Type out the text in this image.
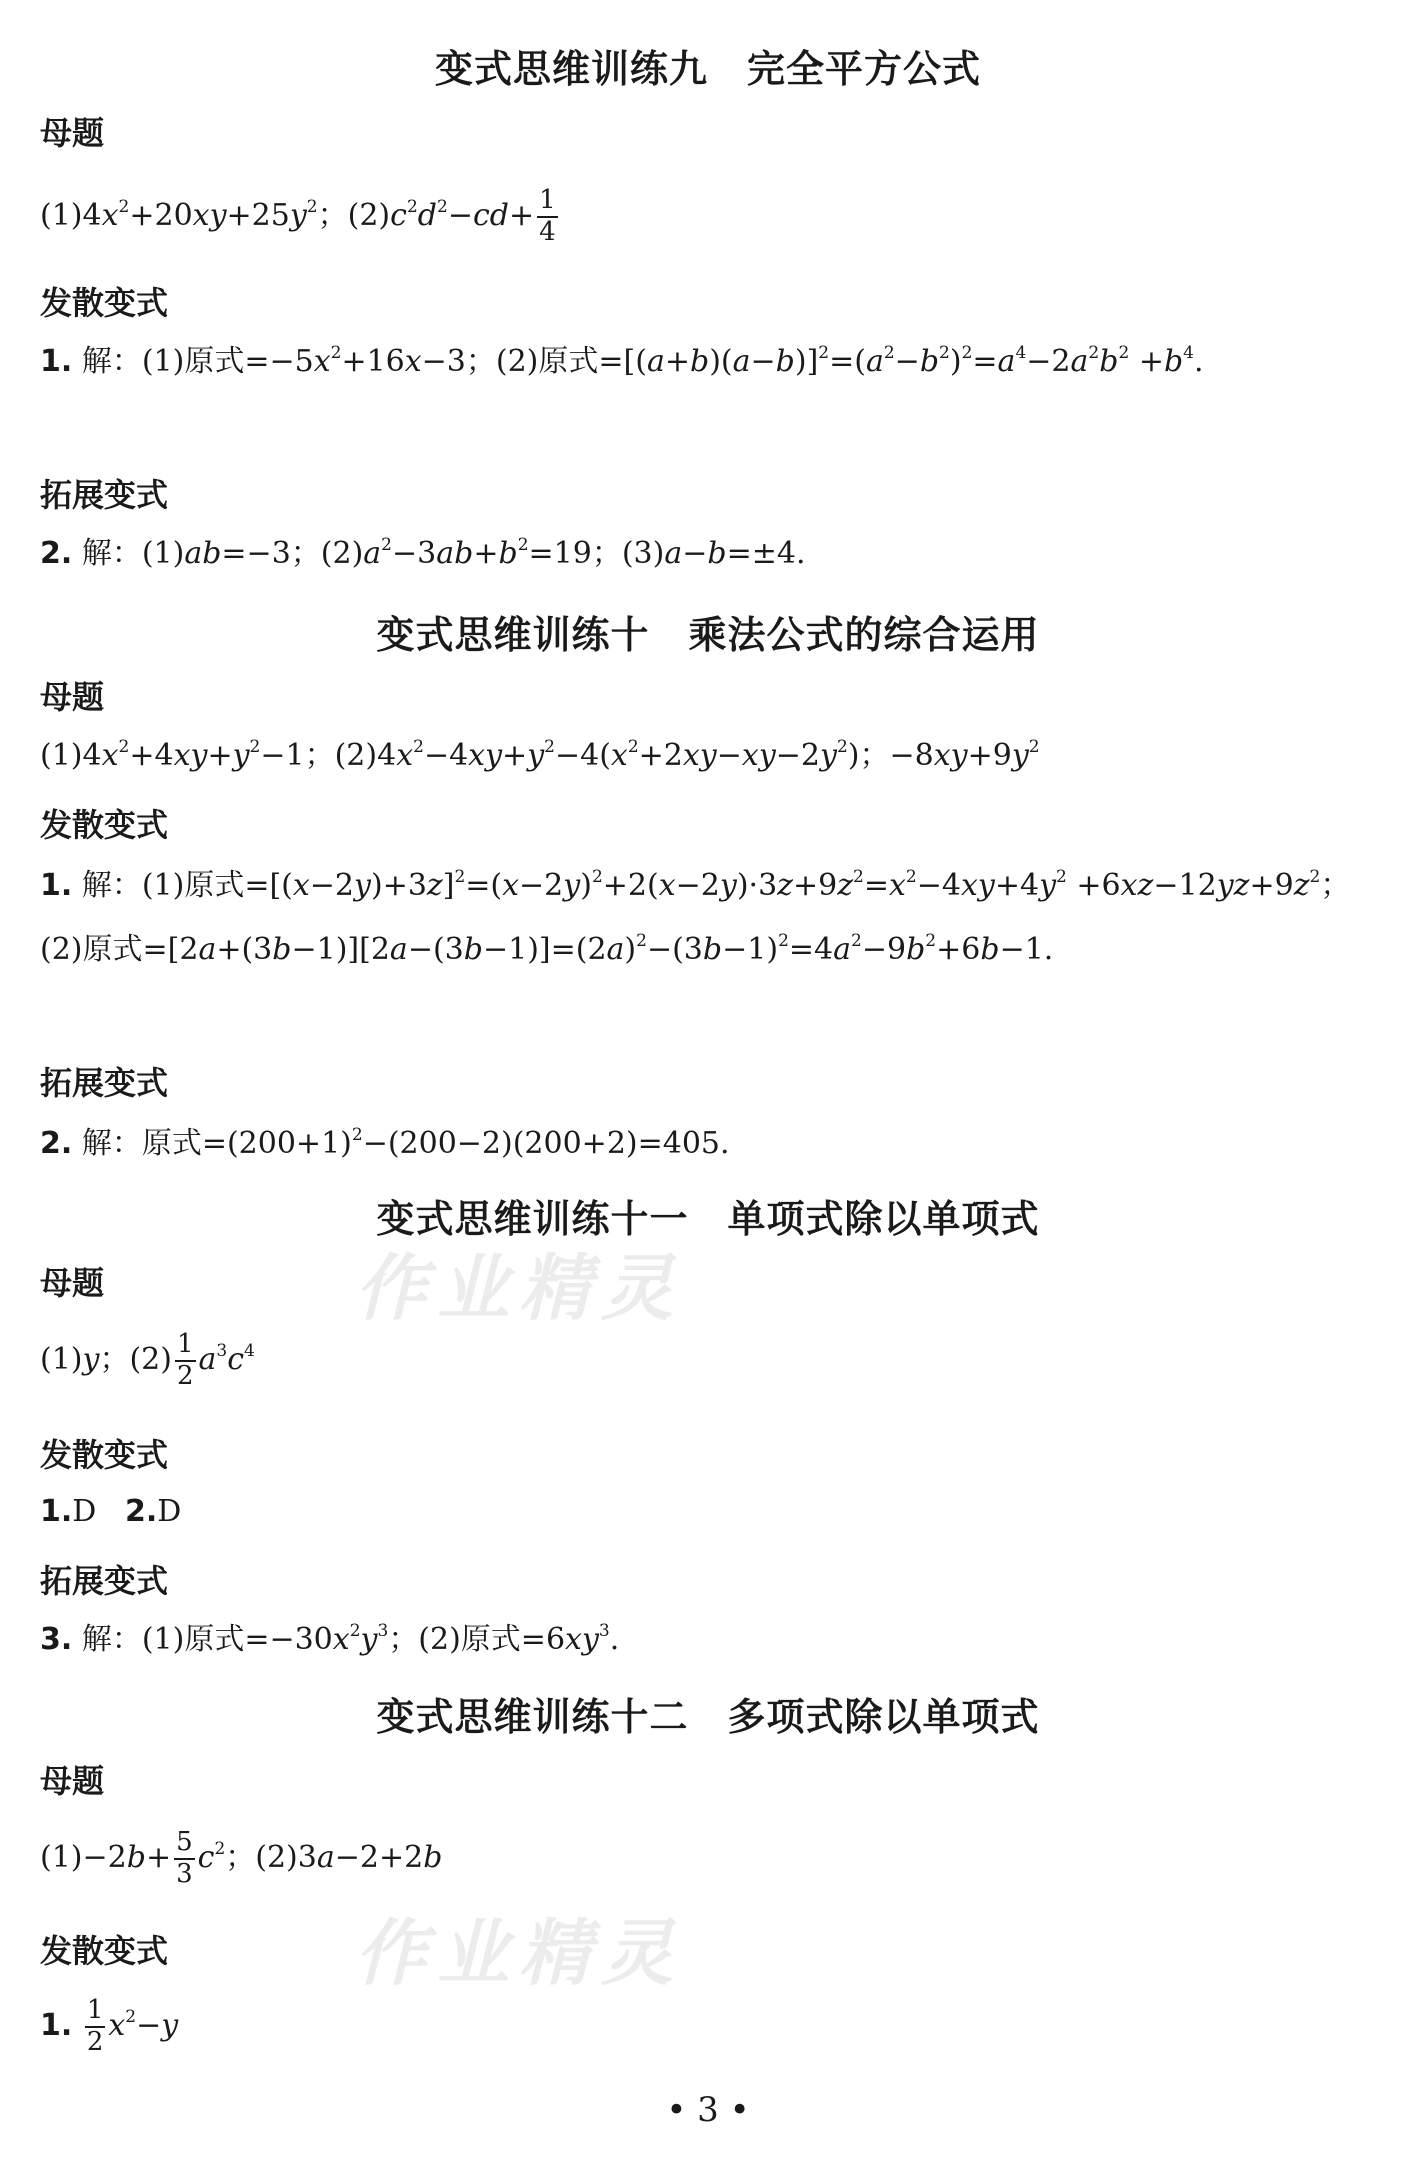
作业精灵
作业精灵
变式思维训练九　完全平方公式
母题

$(1)4x^2+20xy+25y^2$；$(2)c^2d^2-cd+ \frac{1}{4}$

发散变式

1. 解：(1)原式$=-5x^2+16x-3$；(2)原式$=[(a+b)(a-b)]^2=(a^2-b^2)^2=a^4-2a^2b^2 +b^4$.

拓展变式

2. 解：(1)ab=−3；$(2)a^2-3ab+b^2=19$；(3)a−b=±4.

变式思维训练十　乘法公式的综合运用
母题

$(1)4x^2+4xy+y^2-1$；$(2)4x^2-4xy+y^2-4(x^2+2xy-xy-2y^2)$；$-8xy+9y^2$

发散变式

1. 解：(1)原式$=[(x-2y)+3z]^2=(x-2y)^2+2(x-2y)\cdot 3z+9z^2=x^2-4xy+4y^2 +6xz-12yz+9z^2$；(2)原式$=[2a+(3b-1)][2a-(3b-1)]=(2a)^2-(3b-1)^2=4a^2-9b^2+6b-1$.

拓展变式

2. 解：原式$=(200+1)^2-(200-2)(200+2)=405$.

变式思维训练十一　单项式除以单项式
母题

(1)y；$(2) \frac{1}{2} a^3c^4$

发散变式

1.D 2.D

拓展变式

3. 解：(1)原式$=-30x^2y^3$；(2)原式$=6xy^3$.

变式思维训练十二　多项式除以单项式
母题

$(1)-2b+ \frac{5}{3} c^2$；(2)3a−2+2b

发散变式

1. $\frac{1}{2} x^2-y$

• 3 •
